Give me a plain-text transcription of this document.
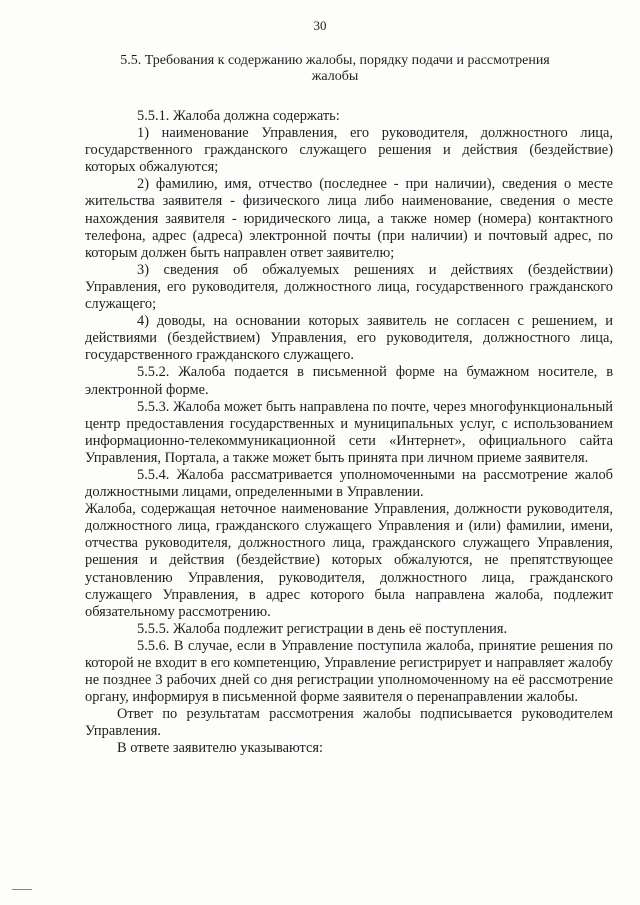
30
5.5. Требования к содержанию жалобы, порядку подачи и рассмотрения жалобы

5.5.1. Жалоба должна содержать:

1) наименование Управления, его руководителя, должностного лица, государственного гражданского служащего решения и действия (бездействие) которых обжалуются;

2) фамилию, имя, отчество (последнее - при наличии), сведения о месте жительства заявителя - физического лица либо наименование, сведения о месте нахождения заявителя - юридического лица, а также номер (номера) контактного телефона, адрес (адреса) электронной почты (при наличии) и почтовый адрес, по которым должен быть направлен ответ заявителю;

3) сведения об обжалуемых решениях и действиях (бездействии) Управления, его руководителя, должностного лица, государственного гражданского служащего;

4) доводы, на основании которых заявитель не согласен с решением, и действиями (бездействием) Управления, его руководителя, должностного лица, государственного гражданского служащего.

5.5.2. Жалоба подается в письменной форме на бумажном носителе, в электронной форме.

5.5.3. Жалоба может быть направлена по почте, через многофункциональный центр предоставления государственных и муниципальных услуг, с использованием информационно-телекоммуникационной сети «Интернет», официального сайта Управления, Портала, а также может быть принята при личном приеме заявителя.

5.5.4. Жалоба рассматривается уполномоченными на рассмотрение жалоб должностными лицами, определенными в Управлении.

Жалоба, содержащая неточное наименование Управления, должности руководителя, должностного лица, гражданского служащего Управления и (или) фамилии, имени, отчества руководителя, должностного лица, гражданского служащего Управления, решения и действия (бездействие) которых обжалуются, не препятствующее установлению Управления, руководителя, должностного лица, гражданского служащего Управления, в адрес которого была направлена жалоба, подлежит обязательному рассмотрению.

5.5.5. Жалоба подлежит регистрации в день её поступления.

5.5.6. В случае, если в Управление поступила жалоба, принятие решения по которой не входит в его компетенцию, Управление регистрирует и направляет жалобу не позднее 3 рабочих дней со дня регистрации уполномоченному на её рассмотрение органу, информируя в письменной форме заявителя о перенаправлении жалобы.

Ответ по результатам рассмотрения жалобы подписывается руководителем Управления.

В ответе заявителю указываются:
